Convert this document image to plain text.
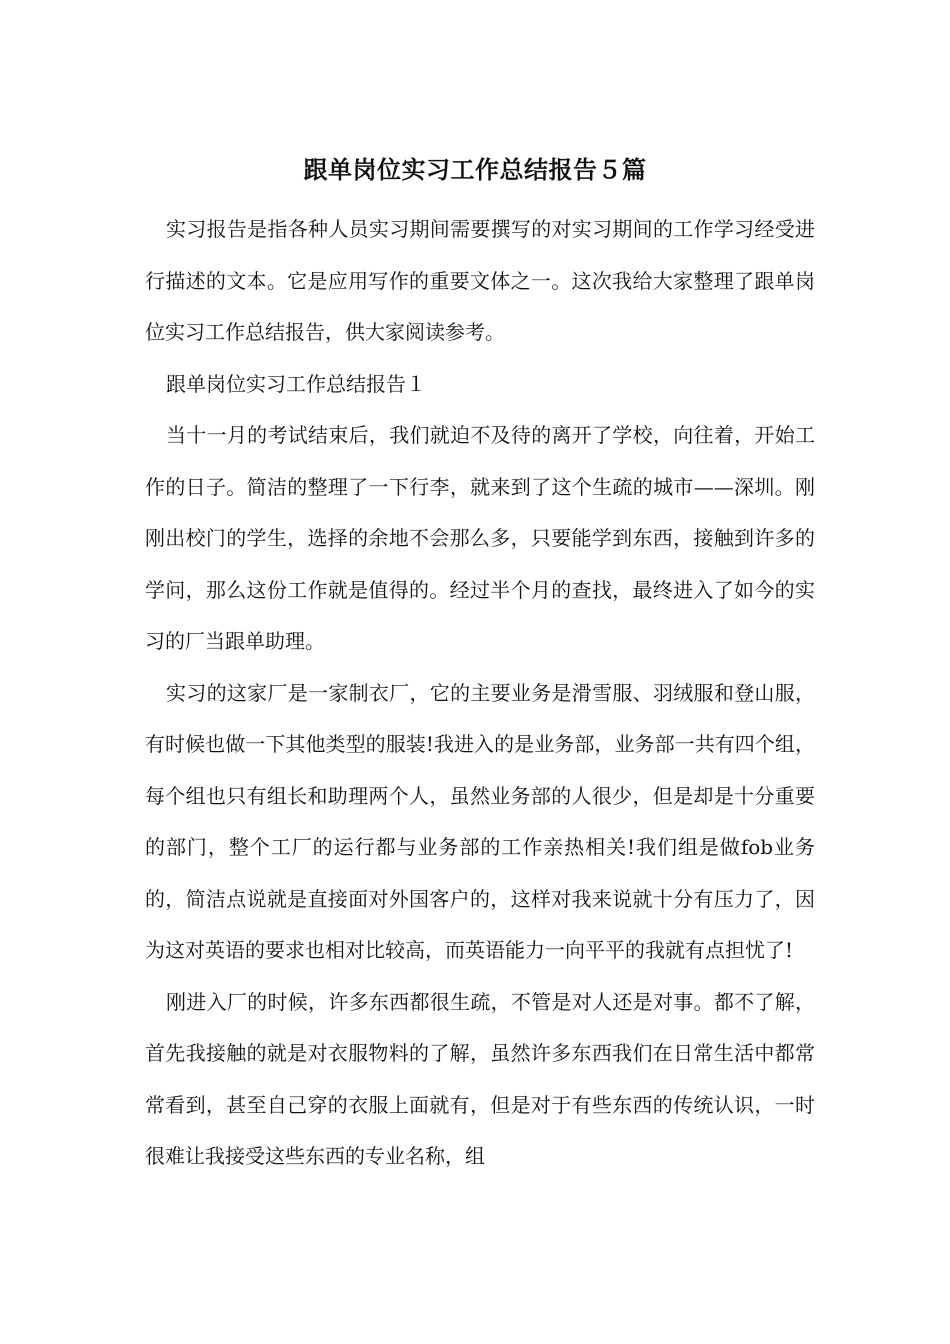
跟单岗位实习工作总结报告５篇

实习报告是指各种人员实习期间需要撰写的对实习期间的工作学习经受进行描述的文本。它是应用写作的重要文体之一。这次我给大家整理了跟单岗位实习工作总结报告，供大家阅读参考。

跟单岗位实习工作总结报告１

当十一月的考试结束后，我们就迫不及待的离开了学校，向往着，开始工作的日子。简洁的整理了一下行李，就来到了这个生疏的城市——深圳。刚刚出校门的学生，选择的余地不会那么多，只要能学到东西，接触到许多的学问，那么这份工作就是值得的。经过半个月的查找，最终进入了如今的实习的厂当跟单助理。

实习的这家厂是一家制衣厂，它的主要业务是滑雪服、羽绒服和登山服，有时候也做一下其他类型的服装!我进入的是业务部，业务部一共有四个组，每个组也只有组长和助理两个人，虽然业务部的人很少，但是却是十分重要的部门，整个工厂的运行都与业务部的工作亲热相关!我们组是做fob业务的，简洁点说就是直接面对外国客户的，这样对我来说就十分有压力了，因为这对英语的要求也相对比较高，而英语能力一向平平的我就有点担忧了!

刚进入厂的时候，许多东西都很生疏，不管是对人还是对事。都不了解，首先我接触的就是对衣服物料的了解，虽然许多东西我们在日常生活中都常常看到，甚至自己穿的衣服上面就有，但是对于有些东西的传统认识，一时很难让我接受这些东西的专业名称，组
